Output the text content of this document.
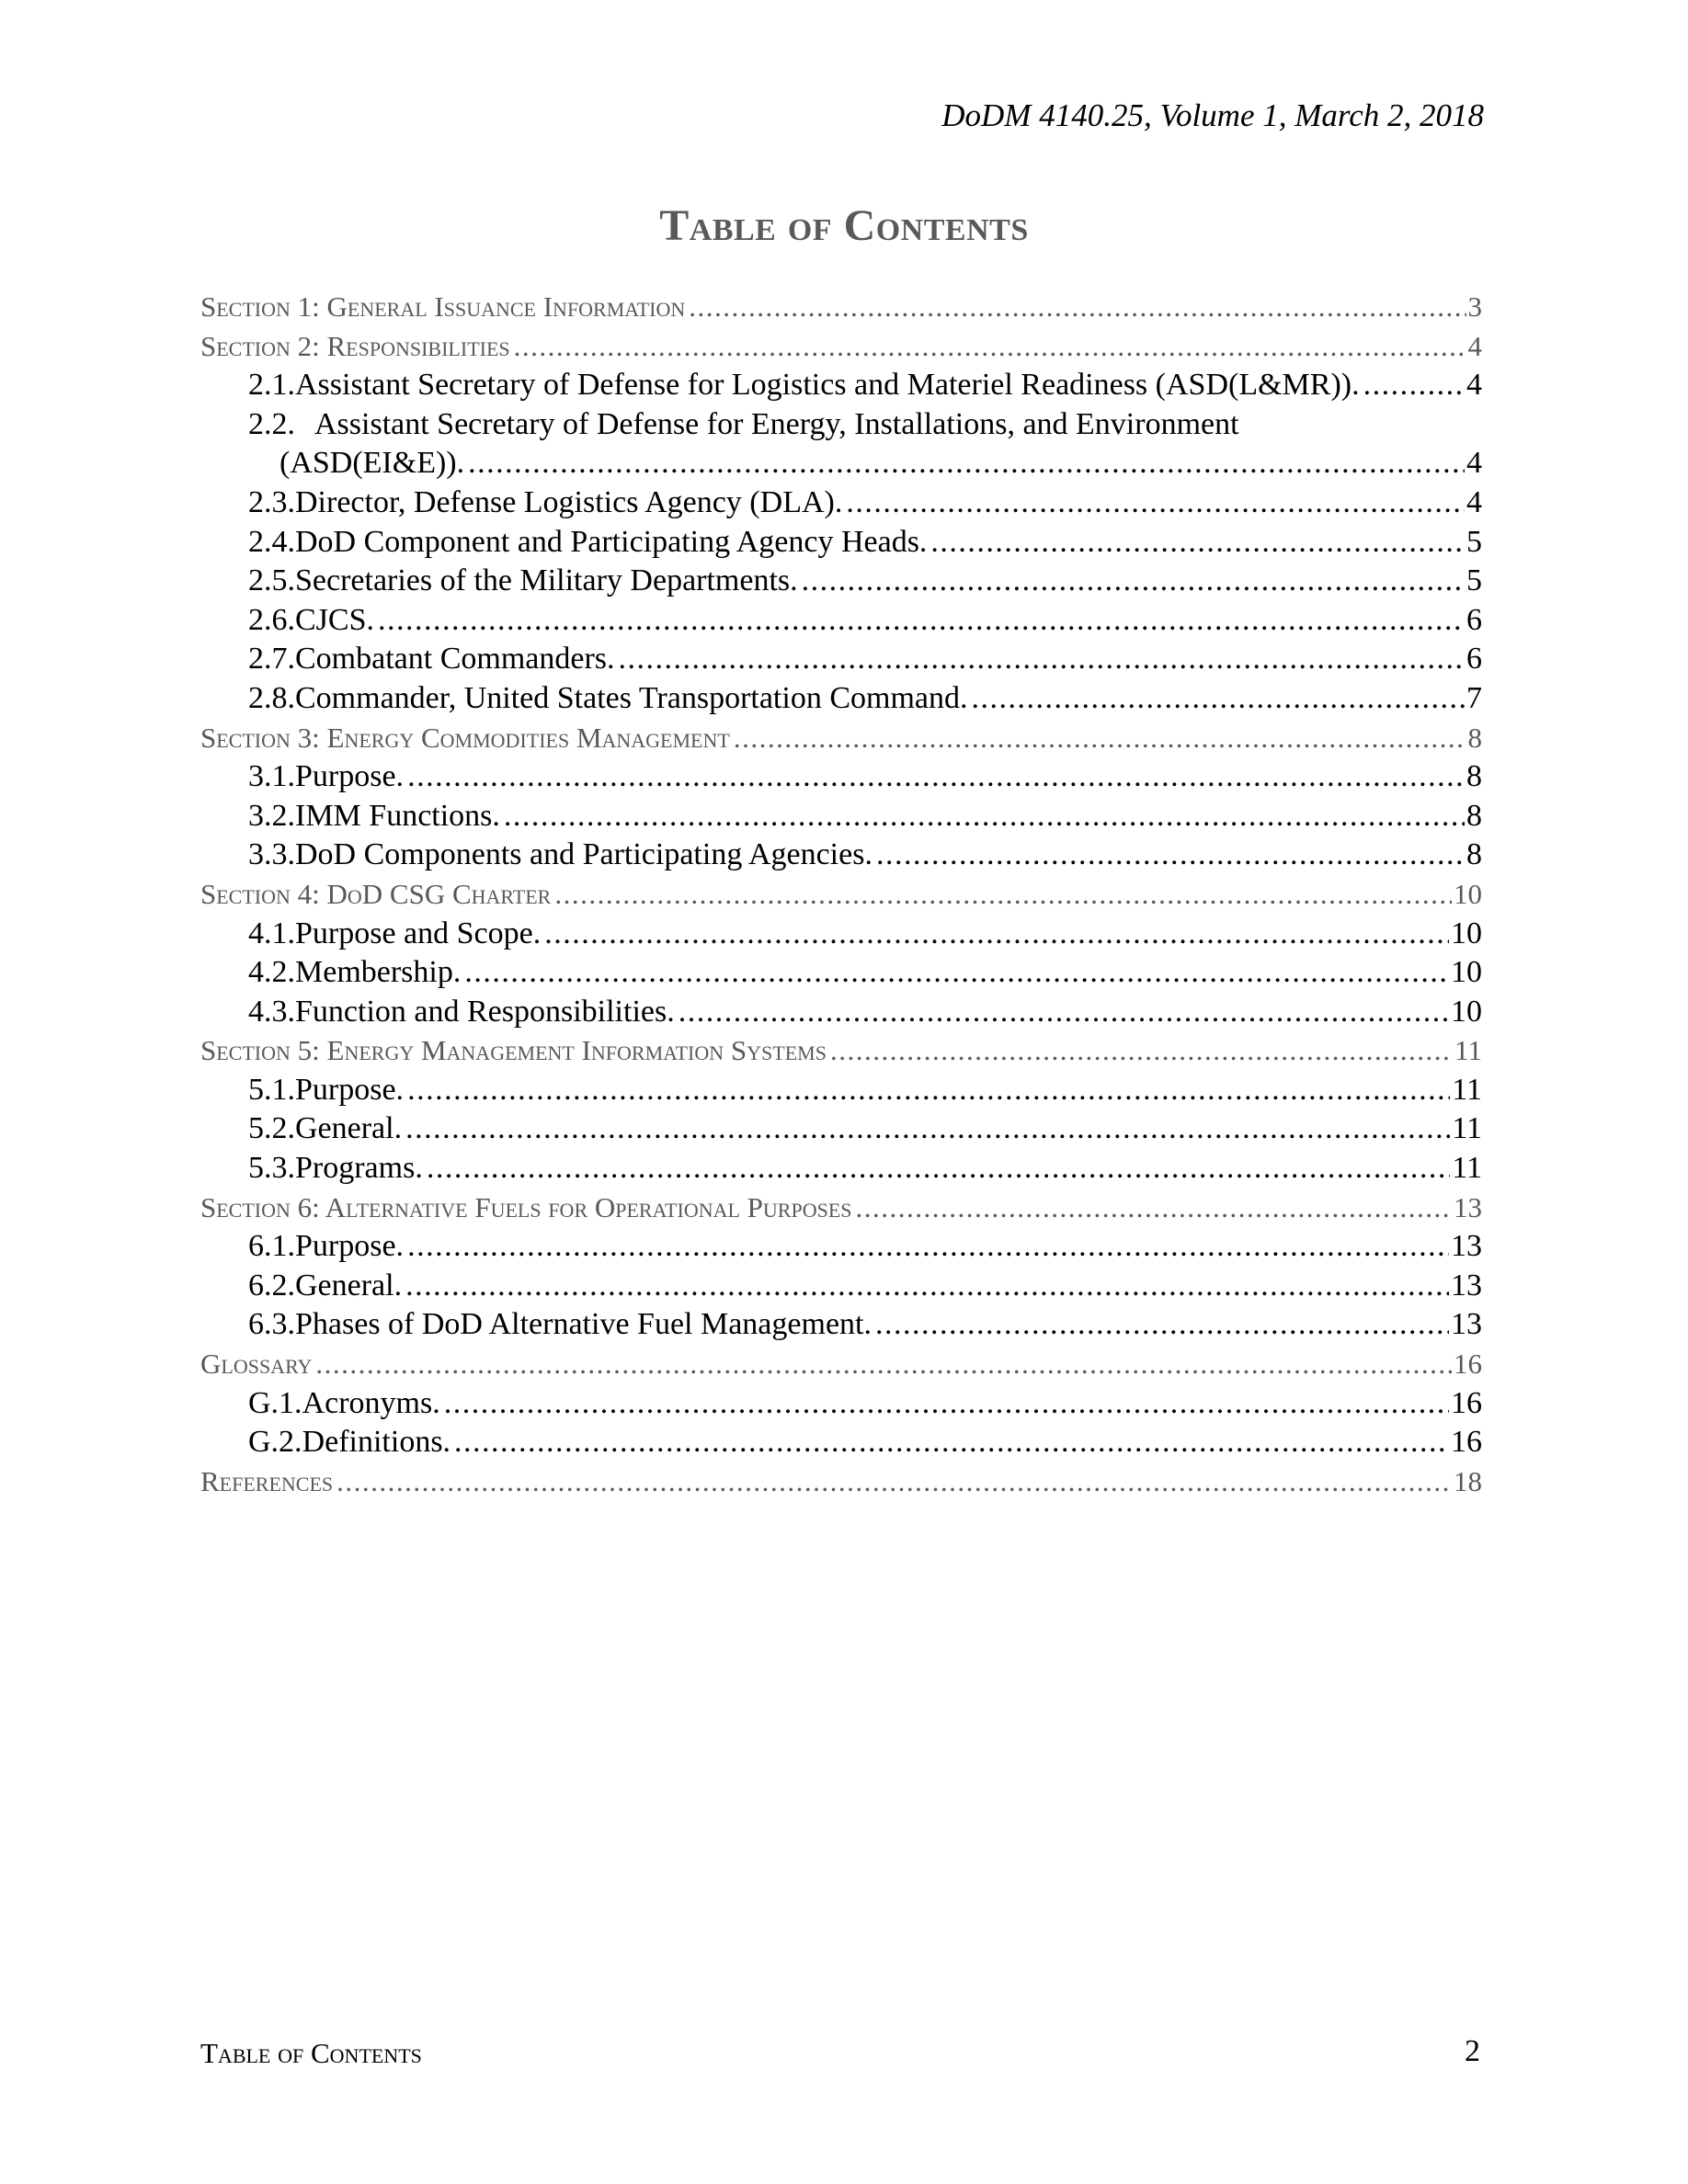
DoDM 4140.25, Volume 1, March 2, 2018
Table of Contents
Section 1: General Issuance Information .....	3
Section 2: Responsibilities .....	4
2.1. Assistant Secretary of Defense for Logistics and Materiel Readiness (ASD(L&MR)). .....	4
2.2. Assistant Secretary of Defense for Energy, Installations, and Environment
(ASD(EI&E)). .....	4
2.3. Director, Defense Logistics Agency (DLA). .....	4
2.4. DoD Component and Participating Agency Heads. .....	5
2.5. Secretaries of the Military Departments. .....	5
2.6. CJCS. .....	6
2.7. Combatant Commanders. .....	6
2.8. Commander, United States Transportation Command. .....	7
Section 3: Energy Commodities Management .....	8
3.1. Purpose. .....	8
3.2. IMM Functions. .....	8
3.3. DoD Components and Participating Agencies. .....	8
Section 4: DoD CSG Charter .....	10
4.1. Purpose and Scope. .....	10
4.2. Membership. .....	10
4.3. Function and Responsibilities. .....	10
Section 5: Energy Management Information Systems .....	11
5.1. Purpose. .....	11
5.2. General. .....	11
5.3. Programs. .....	11
Section 6: Alternative Fuels for Operational Purposes .....	13
6.1. Purpose. .....	13
6.2. General. .....	13
6.3. Phases of DoD Alternative Fuel Management. .....	13
Glossary .....	16
G.1. Acronyms. .....	16
G.2. Definitions. .....	16
References .....	18
Table of Contents	2
